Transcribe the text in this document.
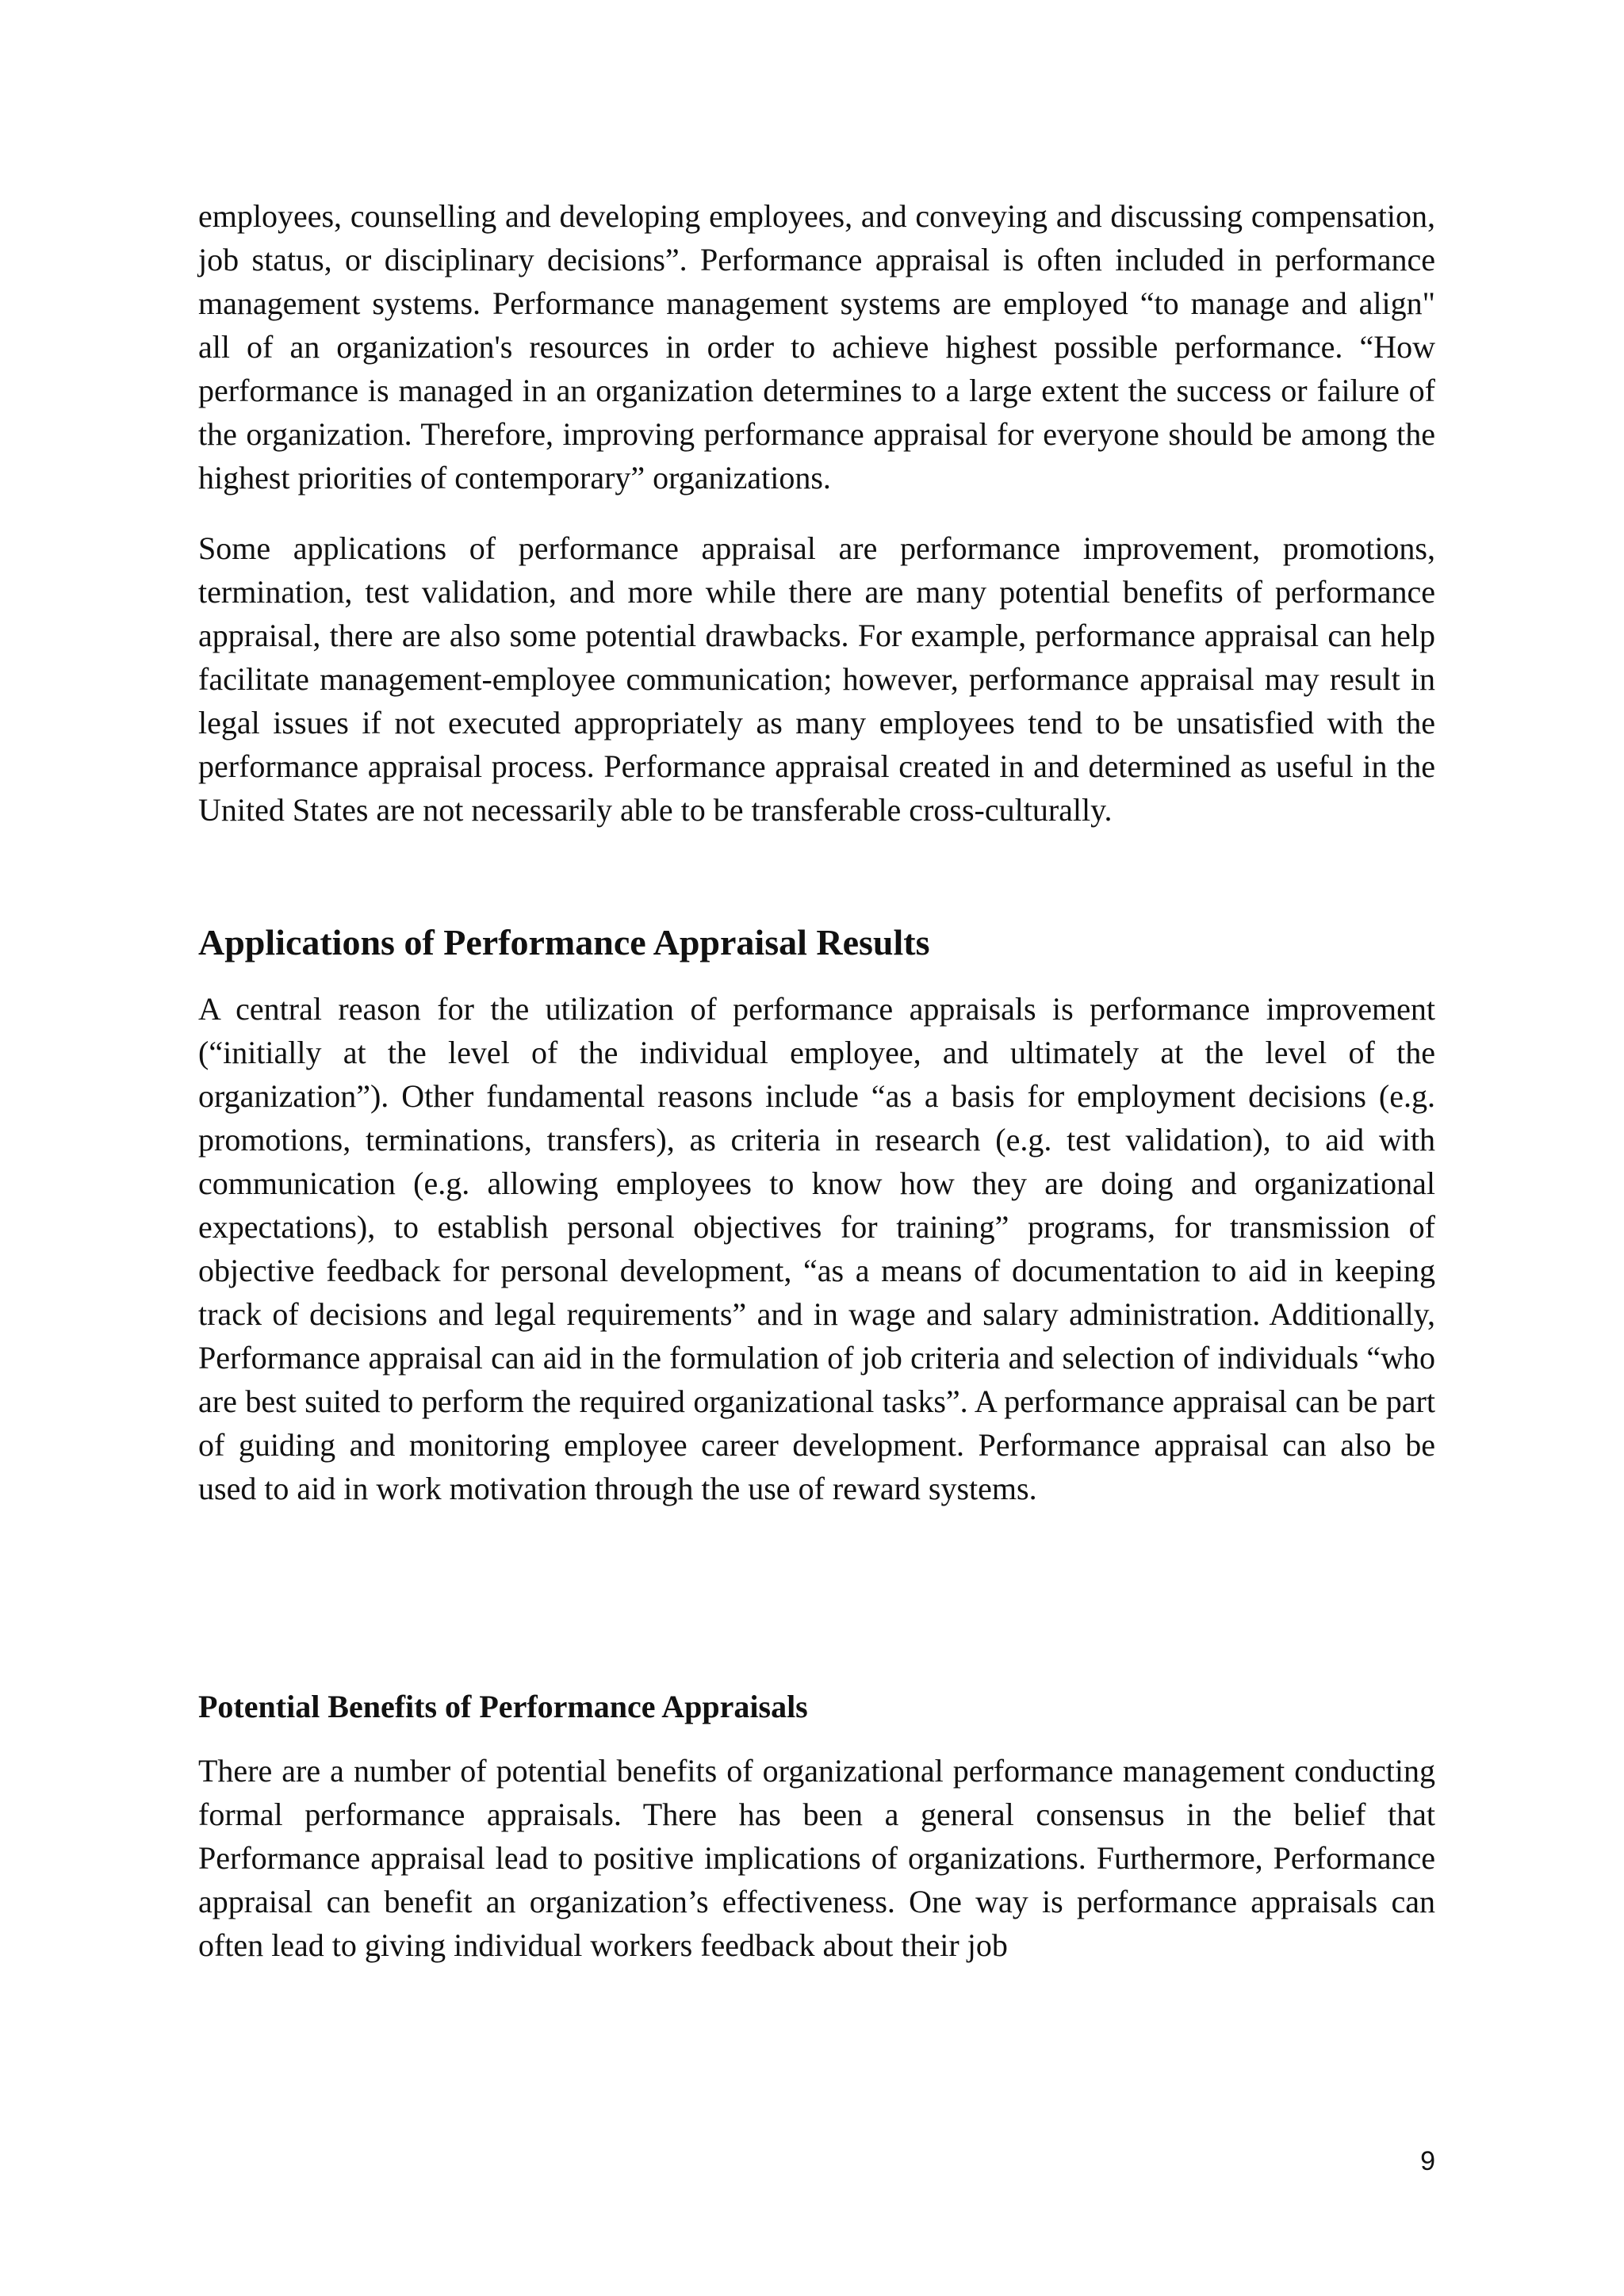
employees, counselling and developing employees, and conveying and discussing compensation, job status, or disciplinary decisions”. Performance appraisal is often included in performance management systems. Performance management systems are employed “to manage and align" all of an organization's resources in order to achieve highest possible performance. “How performance is managed in an organization determines to a large extent the success or failure of the organization. Therefore, improving performance appraisal for everyone should be among the highest priorities of contemporary” organizations.

Some applications of performance appraisal are performance improvement, promotions, termination, test validation, and more while there are many potential benefits of performance appraisal, there are also some potential drawbacks. For example, performance appraisal can help facilitate management-employee communication; however, performance appraisal may result in legal issues if not executed appropriately as many employees tend to be unsatisfied with the performance appraisal process. Performance appraisal created in and determined as useful in the United States are not necessarily able to be transferable cross-culturally.

Applications of Performance Appraisal Results

A central reason for the utilization of performance appraisals is performance improvement (“initially at the level of the individual employee, and ultimately at the level of the organization”). Other fundamental reasons include “as a basis for employment decisions (e.g. promotions, terminations, transfers), as criteria in research (e.g. test validation), to aid with communication (e.g. allowing employees to know how they are doing and organizational expectations), to establish personal objectives for training” programs, for transmission of objective feedback for personal development, “as a means of documentation to aid in keeping track of decisions and legal requirements” and in wage and salary administration. Additionally, Performance appraisal can aid in the formulation of job criteria and selection of individuals “who are best suited to perform the required organizational tasks”. A performance appraisal can be part of guiding and monitoring employee career development. Performance appraisal can also be used to aid in work motivation through the use of reward systems.

Potential Benefits of Performance Appraisals

There are a number of potential benefits of organizational performance management conducting formal performance appraisals. There has been a general consensus in the belief that Performance appraisal lead to positive implications of organizations. Furthermore, Performance appraisal can benefit an organization’s effectiveness. One way is performance appraisals can often lead to giving individual workers feedback about their job

9
